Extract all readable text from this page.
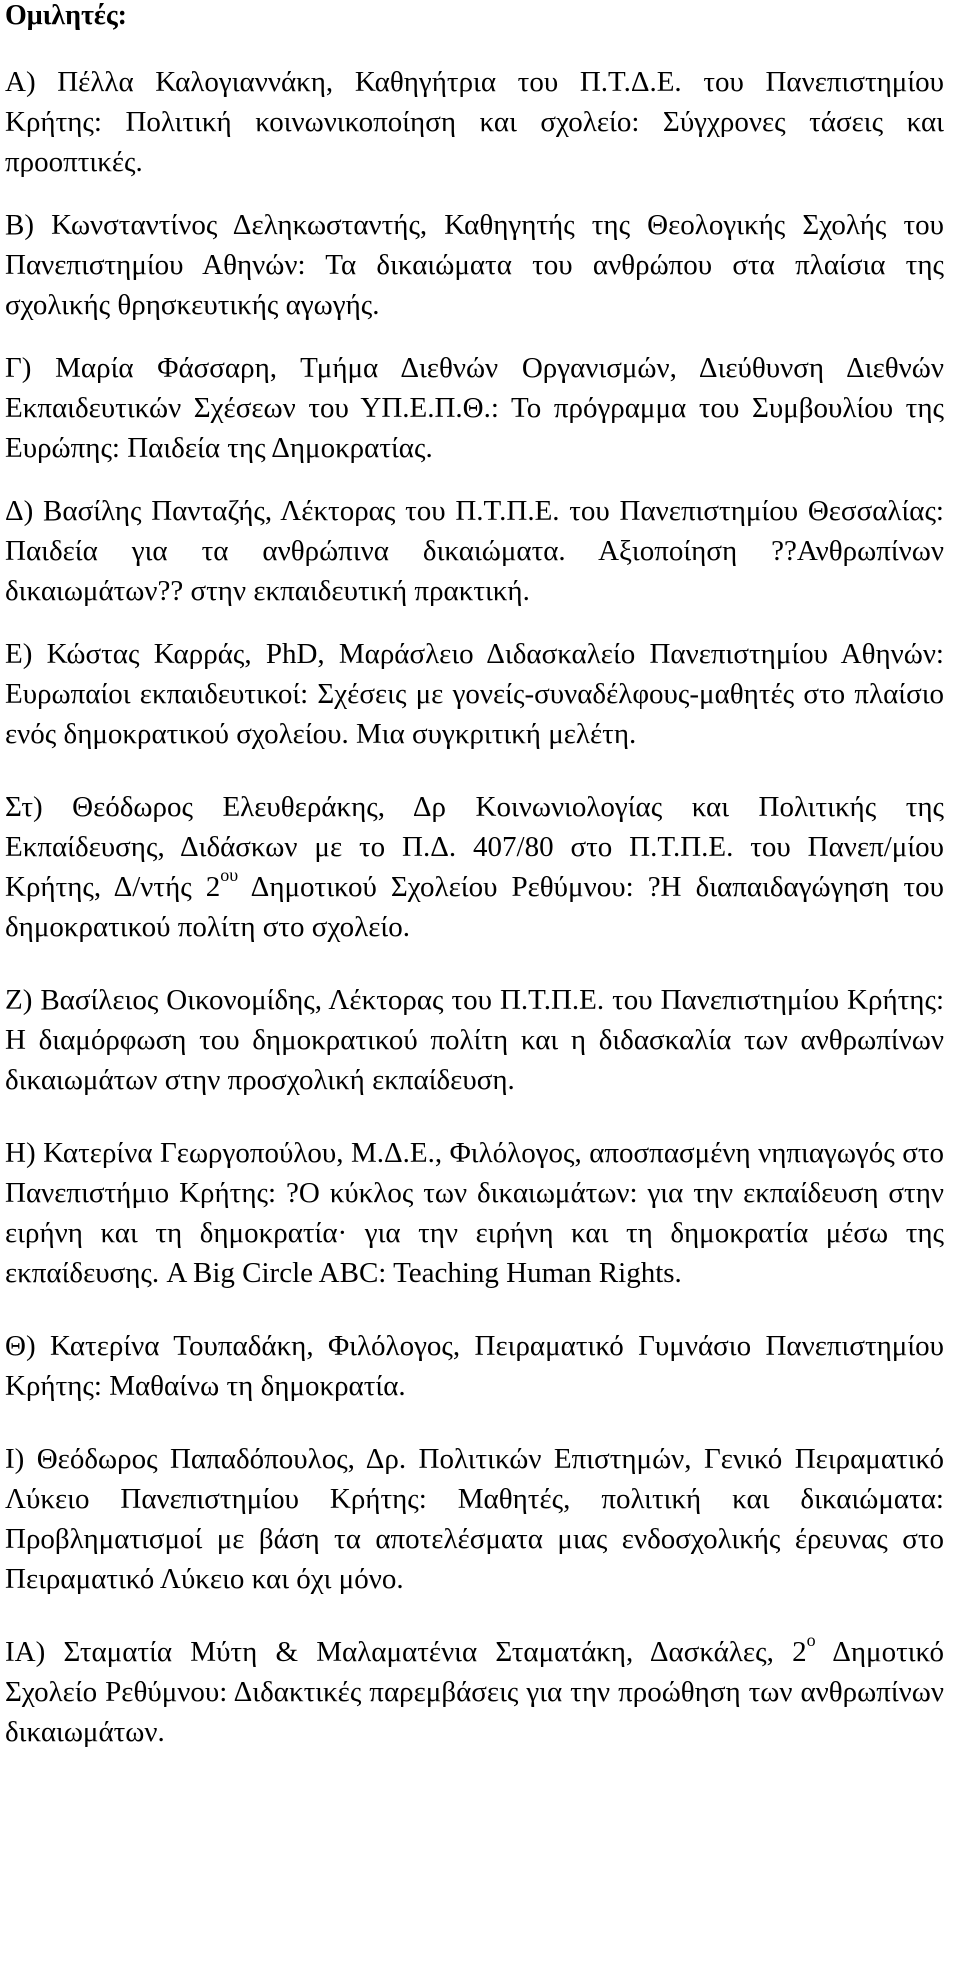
Ομιλητές:

Α) Πέλλα Καλογιαννάκη, Καθηγήτρια του Π.Τ.Δ.Ε. του Πανεπιστημίου Κρήτης: Πολιτική κοινωνικοποίηση και σχολείο: Σύγχρονες τάσεις και προοπτικές.

Β) Κωνσταντίνος Δεληκωσταντής, Καθηγητής της Θεολογικής Σχολής του Πανεπιστημίου Αθηνών: Τα δικαιώματα του ανθρώπου στα πλαίσια της σχολικής θρησκευτικής αγωγής.

Γ) Μαρία Φάσσαρη, Τμήμα Διεθνών Οργανισμών, Διεύθυνση Διεθνών Εκπαιδευτικών Σχέσεων του ΥΠ.Ε.Π.Θ.: Το πρόγραμμα του Συμβουλίου της Ευρώπης: Παιδεία της Δημοκρατίας.

Δ) Βασίλης Πανταζής, Λέκτορας του Π.Τ.Π.Ε. του Πανεπιστημίου Θεσσαλίας: Παιδεία για τα ανθρώπινα δικαιώματα. Αξιοποίηση ??Ανθρωπίνων δικαιωμάτων?? στην εκπαιδευτική πρακτική.

Ε) Κώστας Καρράς, PhD, Μαράσλειο Διδασκαλείο Πανεπιστημίου Αθηνών: Ευρωπαίοι εκπαιδευτικοί: Σχέσεις με γονείς-συναδέλφους-μαθητές στο πλαίσιο ενός δημοκρατικού σχολείου. Μια συγκριτική μελέτη.

Στ) Θεόδωρος Ελευθεράκης, Δρ Κοινωνιολογίας και Πολιτικής της Εκπαίδευσης, Διδάσκων με το Π.Δ. 407/80 στο Π.Τ.Π.Ε. του Πανεπ/μίου Κρήτης, Δ/ντής $2^{o\upsilon}$ Δημοτικού Σχολείου Ρεθύμνου: ?Η διαπαιδαγώγηση του δημοκρατικού πολίτη στο σχολείο.

Ζ) Βασίλειος Οικονομίδης, Λέκτορας του Π.Τ.Π.Ε. του Πανεπιστημίου Κρήτης: Η διαμόρφωση του δημοκρατικού πολίτη και η διδασκαλία των ανθρωπίνων δικαιωμάτων στην προσχολική εκπαίδευση.

Η) Κατερίνα Γεωργοπούλου, Μ.Δ.Ε., Φιλόλογος, αποσπασμένη νηπιαγωγός στο Πανεπιστήμιο Κρήτης: ?Ο κύκλος των δικαιωμάτων: για την εκπαίδευση στην ειρήνη και τη δημοκρατία· για την ειρήνη και τη δημοκρατία μέσω της εκπαίδευσης. A Big Circle ABC: Teaching Human Rights.

Θ) Κατερίνα Τουπαδάκη, Φιλόλογος, Πειραματικό Γυμνάσιο Πανεπιστημίου Κρήτης: Μαθαίνω τη δημοκρατία.

Ι) Θεόδωρος Παπαδόπουλος, Δρ. Πολιτικών Επιστημών, Γενικό Πειραματικό Λύκειο Πανεπιστημίου Κρήτης: Μαθητές, πολιτική και δικαιώματα: Προβληματισμοί με βάση τα αποτελέσματα μιας ενδοσχολικής έρευνας στο Πειραματικό Λύκειο και όχι μόνο.

ΙΑ) Σταματία Μύτη & Μαλαματένια Σταματάκη, Δασκάλες, $2^o$ Δημοτικό Σχολείο Ρεθύμνου: Διδακτικές παρεμβάσεις για την προώθηση των ανθρωπίνων δικαιωμάτων.
